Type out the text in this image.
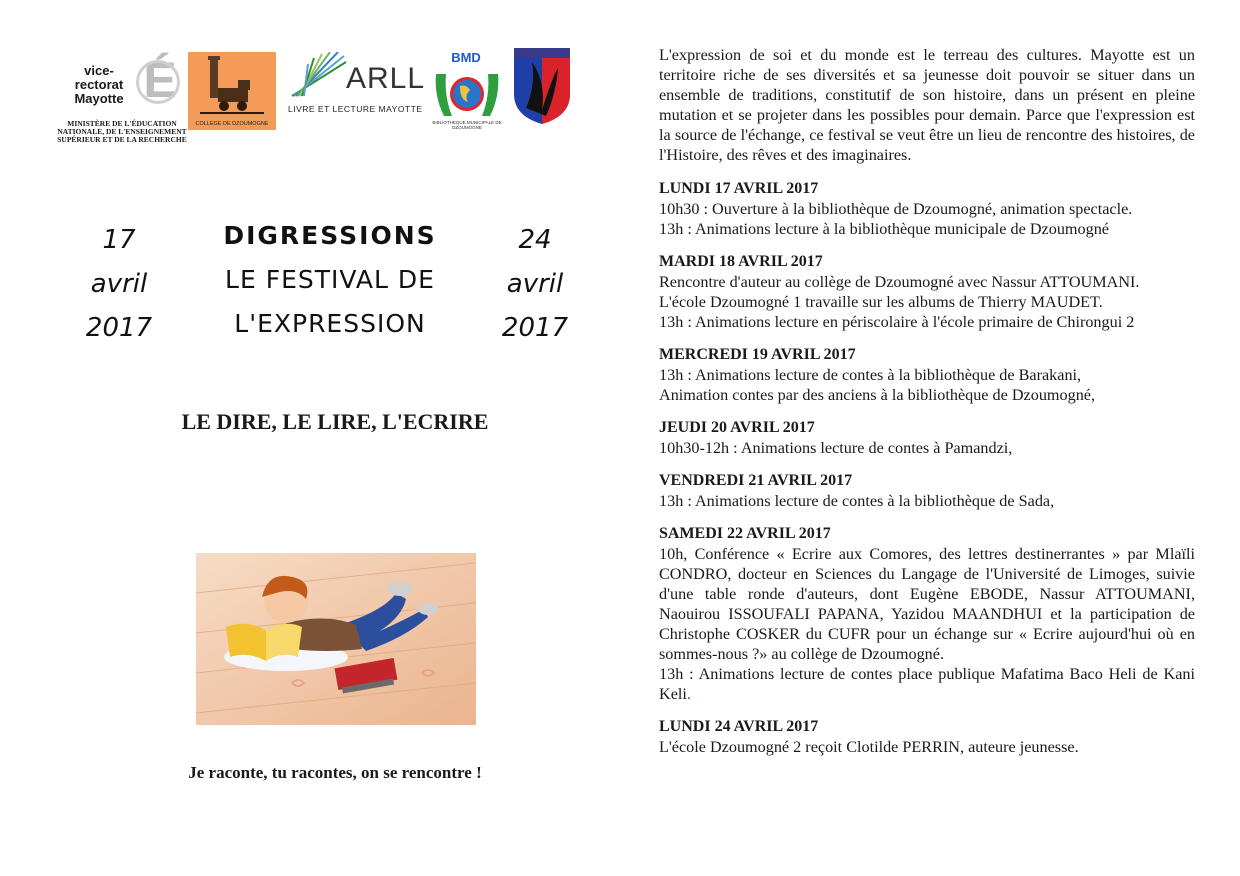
vice-rectorat Mayotte É
MINISTÈRE DE L'ÉDUCATION NATIONALE, DE L'ENSEIGNEMENT SUPÉRIEUR ET DE LA RECHERCHE
COLLEGE DE DZOUMOGNE
ARLL
LIVRE ET LECTURE MAYOTTE
BMD
BIBLIOTHEQUE MUNICIPALE DE DZOUMOGNE
17
avril
2017
DIGRESSIONS
LE FESTIVAL DE
L'EXPRESSION
24
avril
2017
LE DIRE, LE LIRE, L'ECRIRE
Je raconte, tu racontes, on se rencontre !

L'expression de soi et du monde est le terreau des cultures. Mayotte est un territoire riche de ses diversités et sa jeunesse doit pouvoir se situer dans un ensemble de traditions, constitutif de son histoire, dans un présent en pleine mutation et se projeter dans les possibles pour demain. Parce que l'expression est la source de l'échange, ce festival se veut être un lieu de rencontre des histoires, de l'Histoire, des rêves et des imaginaires.

LUNDI 17 AVRIL 2017

10h30 : Ouverture à la bibliothèque de Dzoumogné, animation spectacle.

13h : Animations lecture à la bibliothèque municipale de Dzoumogné

MARDI 18 AVRIL 2017

Rencontre d'auteur au collège de Dzoumogné avec Nassur ATTOUMANI.

L'école Dzoumogné 1 travaille sur les albums de Thierry MAUDET.

13h : Animations lecture en périscolaire à l'école primaire de Chirongui 2

MERCREDI 19 AVRIL 2017

13h : Animations lecture de contes à la bibliothèque de Barakani,

Animation contes par des anciens à la bibliothèque de Dzoumogné,

JEUDI 20 AVRIL 2017

10h30-12h : Animations lecture de contes à Pamandzi,

VENDREDI 21 AVRIL 2017

13h : Animations lecture de contes à la bibliothèque de Sada,

SAMEDI 22 AVRIL 2017

10h, Conférence « Ecrire aux Comores, des lettres destinerrantes » par Mlaïli CONDRO, docteur en Sciences du Langage de l'Université de Limoges, suivie d'une table ronde d'auteurs, dont Eugène EBODE, Nassur ATTOUMANI, Naouirou ISSOUFALI PAPANA, Yazidou MAANDHUI et la participation de Christophe COSKER du CUFR pour un échange sur « Ecrire aujourd'hui où en sommes-nous ?» au collège de Dzoumogné.

13h : Animations lecture de contes place publique Mafatima Baco Heli de Kani Keli.

LUNDI 24 AVRIL 2017

L'école Dzoumogné 2 reçoit Clotilde PERRIN, auteure jeunesse.
